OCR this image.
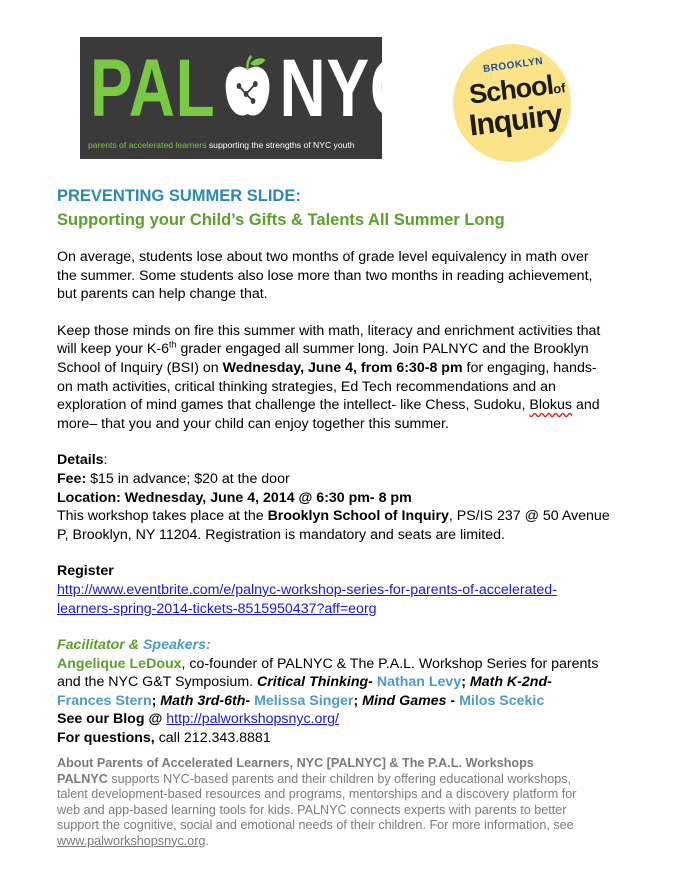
PAL NYC
parents of accelerated learners supporting the strengths of NYC youth
BROOKLYN
Schoolof
Inquiry

PREVENTING SUMMER SLIDE:

Supporting your Child’s Gifts & Talents All Summer Long

On average, students lose about two months of grade level equivalency in math over

the summer. Some students also lose more than two months in reading achievement,

but parents can help change that.

Keep those minds on fire this summer with math, literacy and enrichment activities that

will keep your K-6th grader engaged all summer long. Join PALNYC and the Brooklyn

School of Inquiry (BSI) on Wednesday, June 4, from 6:30-8 pm for engaging, hands-

on math activities, critical thinking strategies, Ed Tech recommendations and an

exploration of mind games that challenge the intellect- like Chess, Sudoku, Blokus and

more– that you and your child can enjoy together this summer.

Details:

Fee: $15 in advance; $20 at the door

Location: Wednesday, June 4, 2014 @ 6:30 pm- 8 pm

This workshop takes place at the Brooklyn School of Inquiry, PS/IS 237 @ 50 Avenue

P, Brooklyn, NY 11204. Registration is mandatory and seats are limited.

Register

http://www.eventbrite.com/e/palnyc-workshop-series-for-parents-of-accelerated-

learners-spring-2014-tickets-8515950437?aff=eorg

Facilitator & Speakers:

Angelique LeDoux, co-founder of PALNYC & The P.A.L. Workshop Series for parents

and the NYC G&T Symposium. Critical Thinking- Nathan Levy; Math K-2nd-

Frances Stern; Math 3rd-6th- Melissa Singer; Mind Games - Milos Scekic

See our Blog @ http://palworkshopsnyc.org/

For questions, call 212.343.8881

About Parents of Accelerated Learners, NYC [PALNYC] & The P.A.L. Workshops

PALNYC supports NYC-based parents and their children by offering educational workshops,

talent development-based resources and programs, mentorships and a discovery platform for

web and app-based learning tools for kids. PALNYC connects experts with parents to better

support the cognitive, social and emotional needs of their children. For more information, see

www.palworkshopsnyc.org.
